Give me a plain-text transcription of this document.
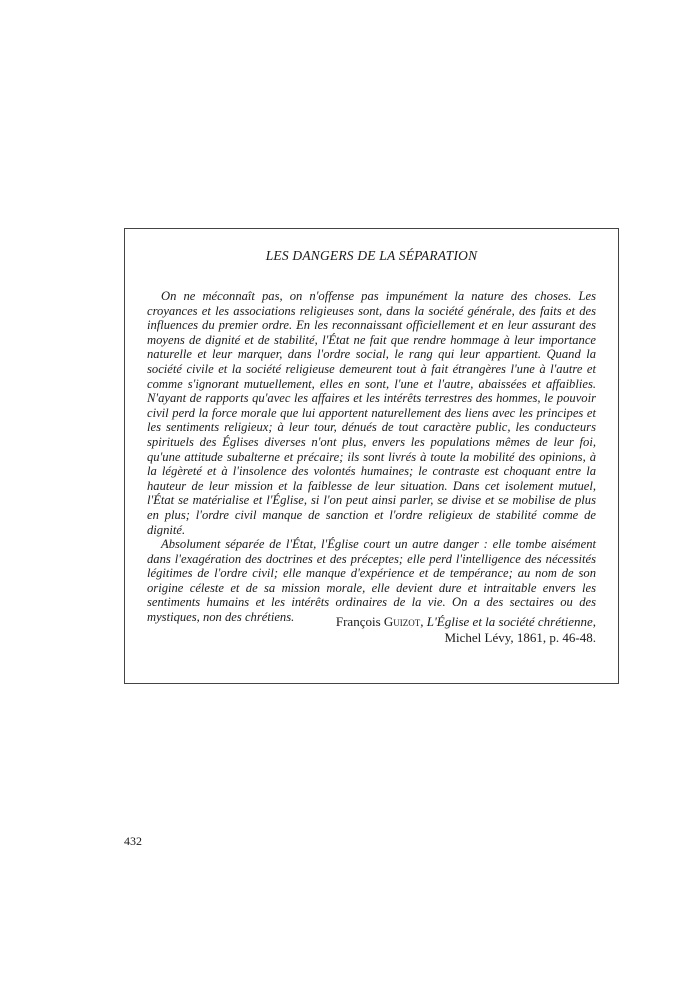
LES DANGERS DE LA SÉPARATION

On ne méconnaît pas, on n'offense pas impunément la nature des choses. Les croyances et les associations religieuses sont, dans la société générale, des faits et des influences du premier ordre. En les reconnaissant officiellement et en leur assurant des moyens de dignité et de stabilité, l'État ne fait que rendre hommage à leur importance naturelle et leur marquer, dans l'ordre social, le rang qui leur appartient. Quand la société civile et la société religieuse demeurent tout à fait étrangères l'une à l'autre et comme s'ignorant mutuellement, elles en sont, l'une et l'autre, abaissées et affaiblies. N'ayant de rapports qu'avec les affaires et les intérêts terrestres des hommes, le pouvoir civil perd la force morale que lui apportent naturellement des liens avec les principes et les sentiments religieux; à leur tour, dénués de tout caractère public, les conducteurs spirituels des Églises diverses n'ont plus, envers les populations mêmes de leur foi, qu'une attitude subalterne et précaire; ils sont livrés à toute la mobilité des opinions, à la légèreté et à l'insolence des volontés humaines; le contraste est choquant entre la hauteur de leur mission et la faiblesse de leur situation. Dans cet isolement mutuel, l'État se matérialise et l'Église, si l'on peut ainsi parler, se divise et se mobilise de plus en plus; l'ordre civil manque de sanction et l'ordre religieux de stabilité comme de dignité.

Absolument séparée de l'État, l'Église court un autre danger : elle tombe aisément dans l'exagération des doctrines et des préceptes; elle perd l'intelligence des nécessités légitimes de l'ordre civil; elle manque d'expérience et de tempérance; au nom de son origine céleste et de sa mission morale, elle devient dure et intraitable envers les sentiments humains et les intérêts ordinaires de la vie. On a des sectaires ou des mystiques, non des chrétiens.	François Guizot, L'Église et la société chrétienne,
Michel Lévy, 1861, p. 46-48.
432
